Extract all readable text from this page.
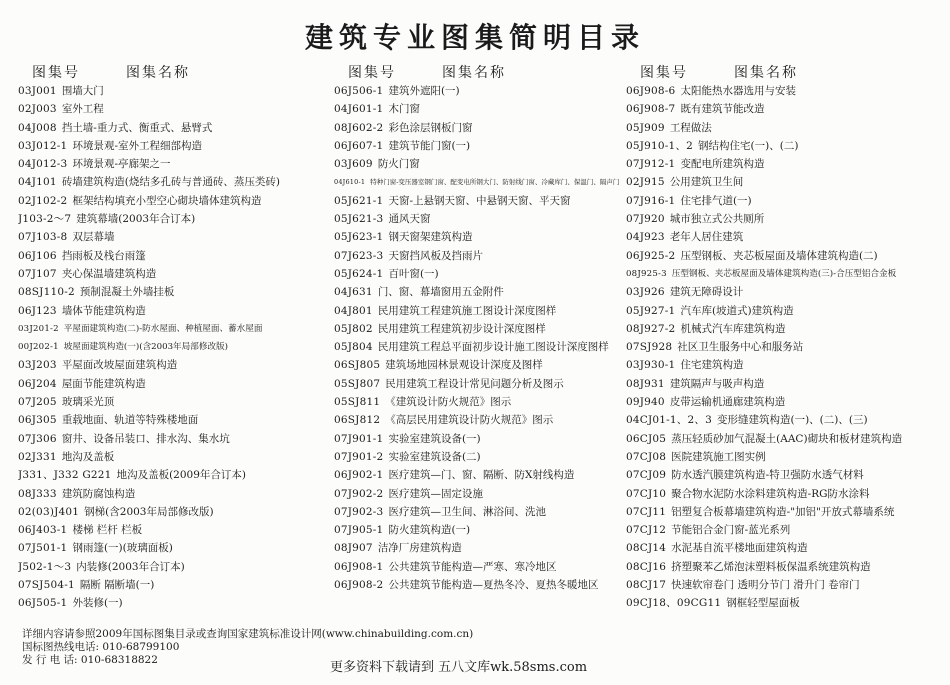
建筑专业图集简明目录
图集号	图集名称
03J001 围墙大门
02J003 室外工程
04J008 挡土墙-重力式、衡重式、悬臂式
03J012-1 环境景观-室外工程细部构造
04J012-3 环境景观-亭廊架之一
04J101 砖墙建筑构造(烧结多孔砖与普通砖、蒸压类砖)
02J102-2 框架结构填充小型空心砌块墙体建筑构造
J103-2～7 建筑幕墙(2003年合订本)
07J103-8 双层幕墙
06J106 挡雨板及栈台雨篷
07J107 夹心保温墙建筑构造
08SJ110-2 预制混凝土外墙挂板
06J123 墙体节能建筑构造
03J201-2 平屋面建筑构造(二)-防水屋面、种植屋面、蓄水屋面
00J202-1 坡屋面建筑构造(一)(含2003年局部修改版)
03J203 平屋面改坡屋面建筑构造
06J204 屋面节能建筑构造
07J205 玻璃采光顶
06J305 重载地面、轨道等特殊楼地面
07J306 窗井、设备吊装口、排水沟、集水坑
02J331 地沟及盖板
J331、J332 G221 地沟及盖板(2009年合订本)
08J333 建筑防腐蚀构造
02(03)J401 钢梯(含2003年局部修改版)
06J403-1 楼梯 栏杆 栏板
07J501-1 钢雨篷(一)(玻璃面板)
J502-1～3 内装修(2003年合订本)
07SJ504-1 隔断 隔断墙(一)
06J505-1 外装修(一)
图集号	图集名称
06J506-1 建筑外遮阳(一)
04J601-1 木门窗
08J602-2 彩色涂层钢板门窗
06J607-1 建筑节能门窗(一)
03J609 防火门窗
04J610-1 特种门窗-变压器室钢门窗、配变电所钢大门、防射线门窗、冷藏库门、保温门、隔声门
05J621-1 天窗-上悬钢天窗、中悬钢天窗、平天窗
05J621-3 通风天窗
05J623-1 钢天窗架建筑构造
07J623-3 天窗挡风板及挡雨片
05J624-1 百叶窗(一)
04J631 门、窗、幕墙窗用五金附件
04J801 民用建筑工程建筑施工图设计深度图样
05J802 民用建筑工程建筑初步设计深度图样
05J804 民用建筑工程总平面初步设计施工图设计深度图样
06SJ805 建筑场地园林景观设计深度及图样
05SJ807 民用建筑工程设计常见问题分析及图示
05SJ811 《建筑设计防火规范》图示
06SJ812 《高层民用建筑设计防火规范》图示
07J901-1 实验室建筑设备(一)
07J901-2 实验室建筑设备(二)
06J902-1 医疗建筑—门、窗、隔断、防X射线构造
07J902-2 医疗建筑—固定设施
07J902-3 医疗建筑—卫生间、淋浴间、洗池
07J905-1 防火建筑构造(一)
08J907 洁净厂房建筑构造
06J908-1 公共建筑节能构造—严寒、寒冷地区
06J908-2 公共建筑节能构造—夏热冬冷、夏热冬暖地区
图集号	图集名称
06J908-6 太阳能热水器选用与安装
06J908-7 既有建筑节能改造
05J909 工程做法
05J910-1、2 钢结构住宅(一)、(二)
07J912-1 变配电所建筑构造
02J915 公用建筑卫生间
07J916-1 住宅排气道(一)
07J920 城市独立式公共厕所
04J923 老年人居住建筑
06J925-2 压型钢板、夹芯板屋面及墙体建筑构造(二)
08J925-3 压型钢板、夹芯板屋面及墙体建筑构造(三)-合压型铝合金板
03J926 建筑无障碍设计
05J927-1 汽车库(坡道式)建筑构造
08J927-2 机械式汽车库建筑构造
07SJ928 社区卫生服务中心和服务站
03J930-1 住宅建筑构造
08J931 建筑隔声与吸声构造
09J940 皮带运输机通廊建筑构造
04CJ01-1、2、3 变形缝建筑构造(一)、(二)、(三)
06CJ05 蒸压轻质砂加气混凝土(AAC)砌块和板材建筑构造
07CJ08 医院建筑施工图实例
07CJ09 防水透汽膜建筑构造-特卫强防水透气材料
07CJ10 聚合物水泥防水涂料建筑构造-RG防水涂料
07CJ11 铝塑复合板幕墙建筑构造-"加铝"开放式幕墙系统
07CJ12 节能铝合金门窗-蓝光系列
08CJ14 水泥基自流平楼地面建筑构造
08CJ16 挤塑聚苯乙烯泡沫塑料板保温系统建筑构造
08CJ17 快速软帘卷门 透明分节门 滑升门 卷帘门
09CJ18、09CG11 钢框轻型屋面板
详细内容请参照2009年国标图集目录或查询国家建筑标准设计网(www.chinabuilding.com.cn)
国标图热线电话: 010-68799100
发 行 电 话: 010-68318822	更多资料下载请到 五八文库wk.58sms.com
